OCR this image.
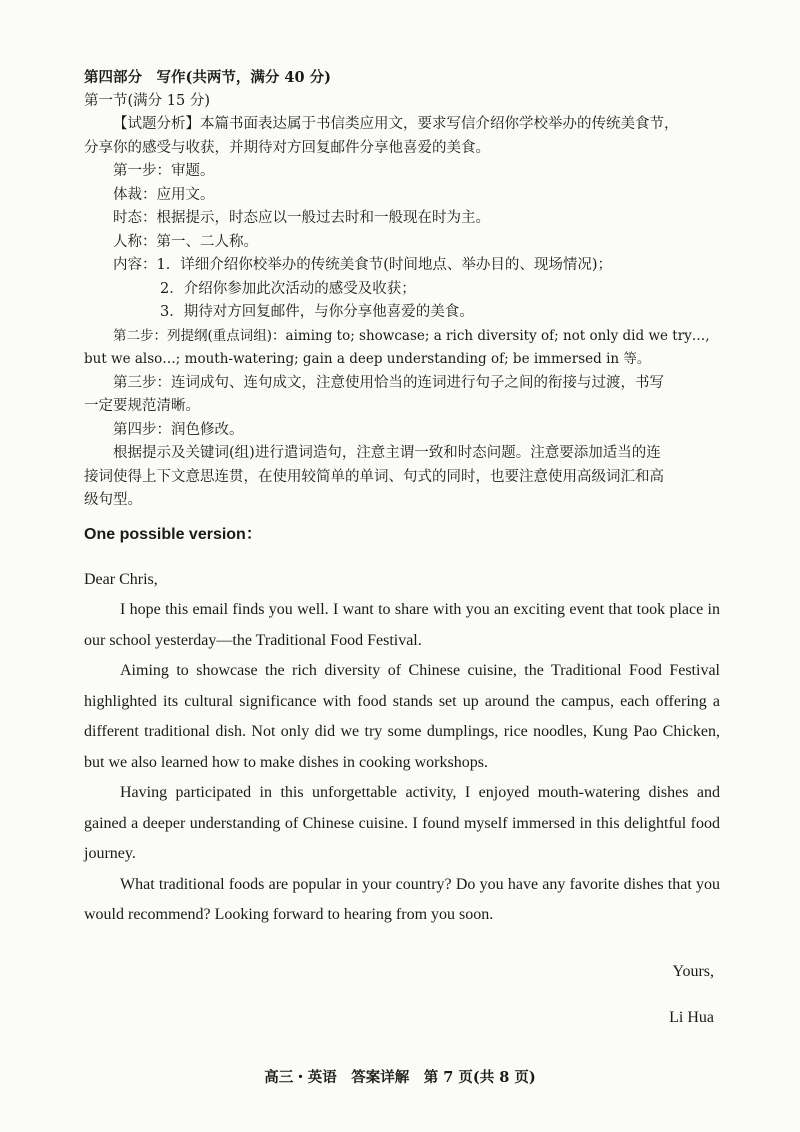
第四部分　写作(共两节，满分 40 分)

第一节(满分 15 分)

【试题分析】本篇书面表达属于书信类应用文，要求写信介绍你学校举办的传统美食节，

分享你的感受与收获，并期待对方回复邮件分享他喜爱的美食。

第一步：审题。

体裁：应用文。

时态：根据提示，时态应以一般过去时和一般现在时为主。

人称：第一、二人称。

内容：1．详细介绍你校举办的传统美食节(时间地点、举办目的、现场情况)；

2．介绍你参加此次活动的感受及收获；

3．期待对方回复邮件，与你分享他喜爱的美食。

第二步：列提纲(重点词组)：aiming to; showcase; a rich diversity of; not only did we try…,

but we also…; mouth-watering; gain a deep understanding of; be immersed in 等。

第三步：连词成句、连句成文，注意使用恰当的连词进行句子之间的衔接与过渡，书写

一定要规范清晰。

第四步：润色修改。

根据提示及关键词(组)进行遣词造句，注意主谓一致和时态问题。注意要添加适当的连

接词使得上下文意思连贯，在使用较简单的单词、句式的同时，也要注意使用高级词汇和高

级句型。

One possible version：

Dear Chris,

I hope this email finds you well. I want to share with you an exciting event that took place in our school yesterday—the Traditional Food Festival.

Aiming to showcase the rich diversity of Chinese cuisine, the Traditional Food Festival highlighted its cultural significance with food stands set up around the campus, each offering a different traditional dish. Not only did we try some dumplings, rice noodles, Kung Pao Chicken, but we also learned how to make dishes in cooking workshops.

Having participated in this unforgettable activity, I enjoyed mouth-watering dishes and gained a deeper understanding of Chinese cuisine. I found myself immersed in this delightful food journey.

What traditional foods are popular in your country? Do you have any favorite dishes that you would recommend? Looking forward to hearing from you soon.

Yours,

Li Hua

高三・英语　答案详解　第 7 页(共 8 页)
